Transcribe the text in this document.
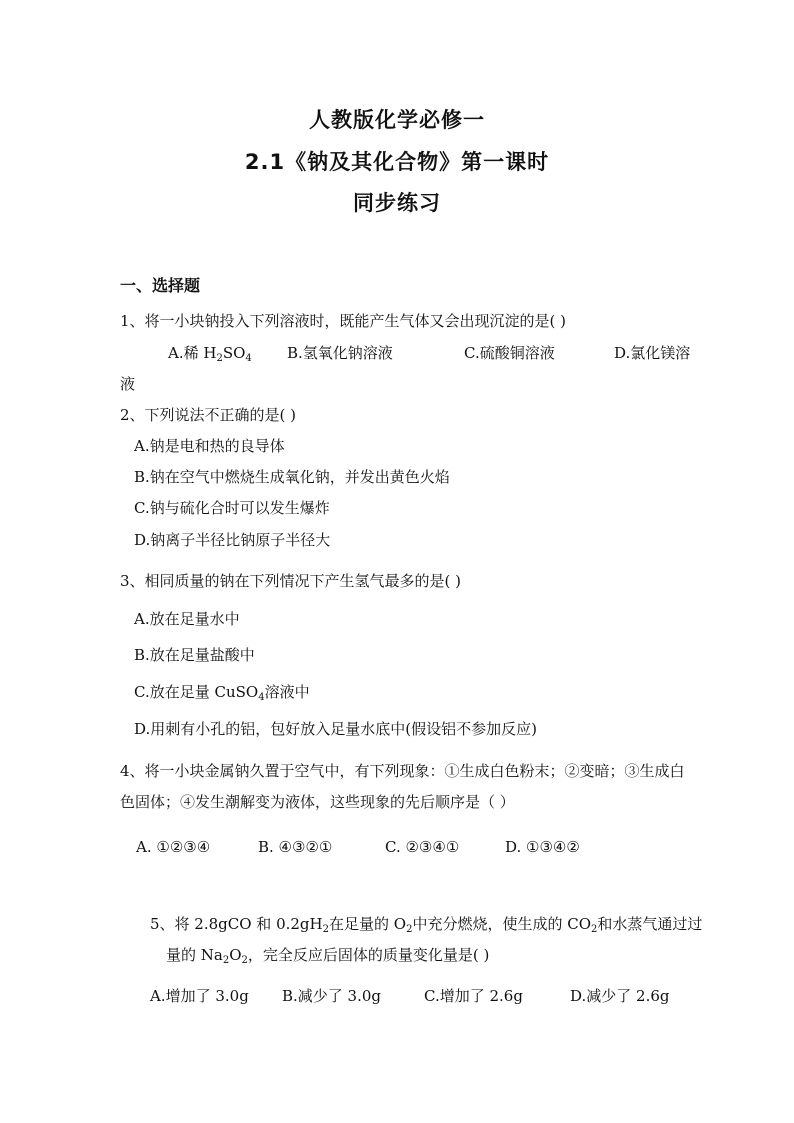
人教版化学必修一
2.1《钠及其化合物》第一课时
同步练习
一、选择题
1、将一小块钠投入下列溶液时，既能产生气体又会出现沉淀的是( )
A.稀 $H_2SO_4$ B.氢氧化钠溶液	C.硫酸铜溶液	D.氯化镁溶
液
2、下列说法不正确的是( )
A.钠是电和热的良导体
B.钠在空气中燃烧生成氧化钠，并发出黄色火焰
C.钠与硫化合时可以发生爆炸
D.钠离子半径比钠原子半径大
3、相同质量的钠在下列情况下产生氢气最多的是( )
A.放在足量水中
B.放在足量盐酸中
C.放在足量 CuSO$_4$溶液中
D.用刺有小孔的铝，包好放入足量水底中(假设铝不参加反应)
4、将一小块金属钠久置于空气中，有下列现象：①生成白色粉末；②变暗；③生成白
色固体；④发生潮解变为液体，这些现象的先后顺序是（ ）
A. ①②③④	B. ④③②①	C. ②③④①	D. ①③④②
5、将 2.8gCO 和 $0.2gH_2$在足量的 $O_2$中充分燃烧，使生成的 $CO_2$和水蒸气通过过
量的 $Na_2O_2$，完全反应后固体的质量变化量是( )
A.增加了 3.0g B.减少了 3.0g	C.增加了 2.6g	D.减少了 2.6g
